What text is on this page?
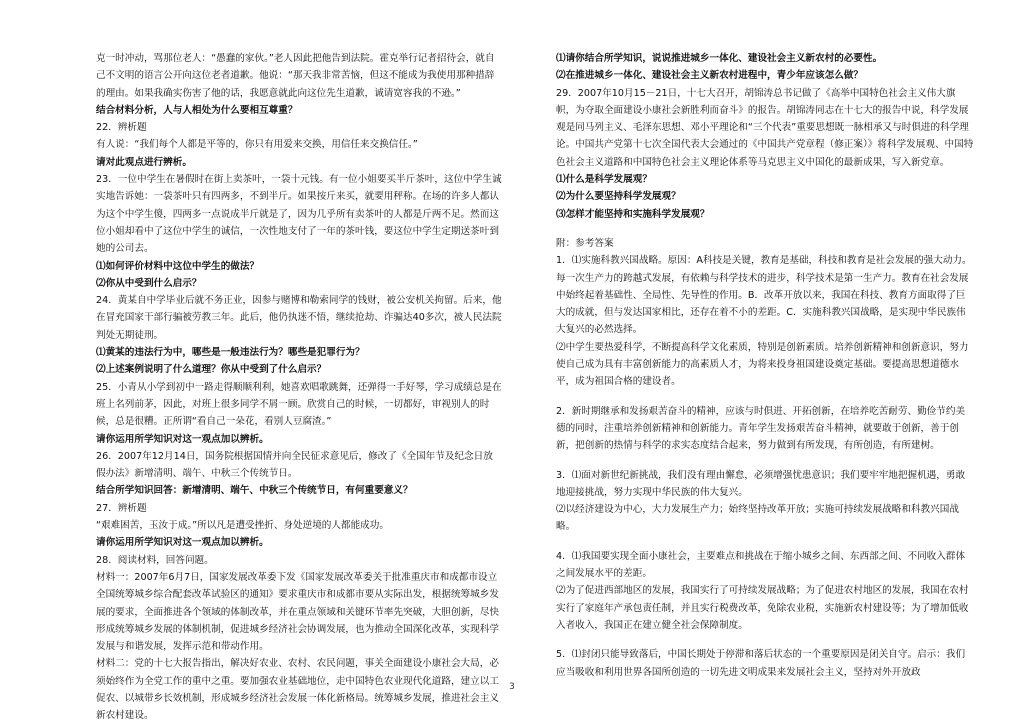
克一时冲动，骂那位老人：“愚蠢的家伙。”老人因此把他告到法院。霍克举行记者招待会，就自己不文明的语言公开向这位老者道歉。他说：“那天我非常苦恼，但这不能成为我使用那种措辞的理由。如果我确实伤害了他的话，我愿意就此向这位先生道歉，诚请宽容我的不逊。”

结合材料分析，人与人相处为什么要相互尊重？

22．辨析题

有人说：“我们每个人都是平等的，你只有用爱来交换，用信任来交换信任。”

请对此观点进行辨析。

23．一位中学生在暑假时在街上卖茶叶，一袋十元钱。有一位小姐要买半斤茶叶，这位中学生诚实地告诉她：一袋茶叶只有四两多，不到半斤。如果按斤来买，就要用秤称。在场的许多人都认为这个中学生傻，四两多一点说成半斤就是了，因为几乎所有卖茶叶的人都是斤两不足。然而这位小姐却看中了这位中学生的诚信，一次性地支付了一年的茶叶钱，要这位中学生定期送茶叶到她的公司去。

⑴如何评价材料中这位中学生的做法？

⑵你从中受到什么启示？

24．黄某自中学毕业后就不务正业，因参与赌博和勒索同学的钱财，被公安机关拘留。后来，他在冒充国家干部行骗被劳教三年。此后，他仍执迷不悟，继续抢劫、诈骗达40多次，被人民法院判处无期徒刑。

⑴黄某的违法行为中，哪些是一般违法行为？哪些是犯罪行为？

⑵上述案例说明了什么道理？你从中受到了什么启示？

25．小青从小学到初中一路走得顺顺利利，她喜欢唱歌跳舞，还弹得一手好琴，学习成绩总是在班上名列前茅，因此，对班上很多同学不屑一顾。欣赏自己的时候，一切都好，审视别人的时候，总是很糟。正所谓“看自己一朵花，看别人豆腐渣。”

请你运用所学知识对这一观点加以辨析。

26．2007年12月14日，国务院根据国情并向全民征求意见后，修改了《全国年节及纪念日放假办法》新增清明、端午、中秋三个传统节日。

结合所学知识回答：新增清明、端午、中秋三个传统节日，有何重要意义？

27．辨析题

“艰难困苦，玉汝于成。”所以凡是遭受挫折、身处逆境的人都能成功。

请你运用所学知识对这一观点加以辨析。

28．阅读材料，回答问题。

材料一：2007年6月7日，国家发展改革委下发《国家发展改革委关于批准重庆市和成都市设立全国统筹城乡综合配套改革试验区的通知》要求重庆市和成都市要从实际出发，根据统筹城乡发展的要求，全面推进各个领域的体制改革，并在重点领域和关键环节率先突破，大胆创新，尽快形成统筹城乡发展的体制机制，促进城乡经济社会协调发展，也为推动全国深化改革，实现科学发展与和谐发展，发挥示范和带动作用。

材料二：党的十七大报告指出，解决好农业、农村、农民问题，事关全面建设小康社会大局，必须始终作为全党工作的重中之重。要加强农业基础地位，走中国特色农业现代化道路，建立以工促农、以城带乡长效机制，形成城乡经济社会发展一体化新格局。统筹城乡发展，推进社会主义新农村建设。

⑴请你结合所学知识，说说推进城乡一体化、建设社会主义新农村的必要性。

⑵在推进城乡一体化、建设社会主义新农村进程中，青少年应该怎么做？

29．2007年10月15－21日，十七大召开，胡锦涛总书记做了《高举中国特色社会主义伟大旗帜，为夺取全面建设小康社会新胜利而奋斗》的报告。胡锦涛同志在十七大的报告中说，科学发展观是同马列主义、毛泽东思想、邓小平理论和“三个代表”重要思想既一脉相承又与时俱进的科学理论。中国共产党第十七次全国代表大会通过的《中国共产党章程（修正案）》将科学发展观、中国特色社会主义道路和中国特色社会主义理论体系等马克思主义中国化的最新成果，写入新党章。

⑴什么是科学发展观？

⑵为什么要坚持科学发展观？

⑶怎样才能坚持和实施科学发展观？

附：参考答案

1．⑴实施科教兴国战略。原因：A科技是关键，教育是基础，科技和教育是社会发展的强大动力。每一次生产力的跨越式发展，有依赖与科学技术的进步，科学技术是第一生产力。教育在社会发展中始终起着基础性、全局性、先导性的作用。B．改革开放以来，我国在科技、教育方面取得了巨大的成就，但与发达国家相比，还存在着不小的差距。C．实施科教兴国战略，是实现中华民族伟大复兴的必然选择。

⑵中学生要热爱科学，不断提高科学文化素质，特别是创新素质。培养创新精神和创新意识，努力使自己成为具有丰富创新能力的高素质人才，为将来投身祖国建设奠定基础。要提高思想道德水平，成为祖国合格的建设者。

2．新时期继承和发扬艰苦奋斗的精神，应该与时俱进、开拓创新，在培养吃苦耐劳、勤俭节约美德的同时，注重培养创新精神和创新能力。青年学生发扬艰苦奋斗精神，就要敢于创新，善于创新，把创新的热情与科学的求实态度结合起来，努力做到有所发现，有所创造，有所建树。

3．⑴面对新世纪新挑战，我们没有理由懈怠，必须增强忧患意识；我们要牢牢地把握机遇，勇敢地迎接挑战，努力实现中华民族的伟大复兴。

⑵以经济建设为中心，大力发展生产力；始终坚持改革开放；实施可持续发展战略和科教兴国战略。

4．⑴我国要实现全面小康社会，主要难点和挑战在于缩小城乡之间、东西部之间、不同收入群体之间发展水平的差距。

⑵为了促进西部地区的发展，我国实行了可持续发展战略；为了促进农村地区的发展，我国在农村实行了家庭年产承包责任制，并且实行税费改革，免除农业税，实施新农村建设等；为了增加低收入者收入，我国正在建立健全社会保障制度。

5．⑴封闭只能导致落后，中国长期处于停滞和落后状态的一个重要原因是闭关自守。启示：我们应当吸收和利用世界各国所创造的一切先进文明成果来发展社会主义，坚持对外开放政

3
